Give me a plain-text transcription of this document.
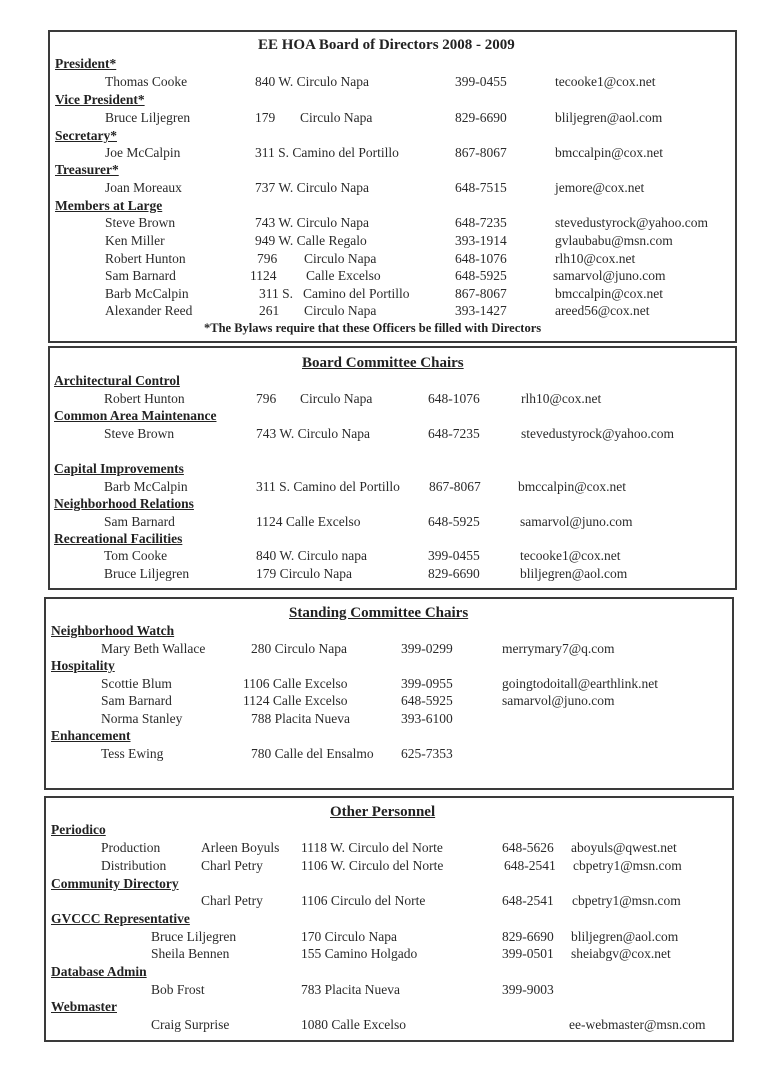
EE HOA Board of Directors 2008 - 2009
President*
Thomas Cooke	840 W. Circulo Napa	399-0455	tecooke1@cox.net
Vice President*
Bruce Liljegren	179 Circulo Napa	829-6690	bliljegren@aol.com
Secretary*
Joe McCalpin	311 S. Camino del Portillo	867-8067	bmccalpin@cox.net
Treasurer*
Joan Moreaux	737 W. Circulo Napa	648-7515	jemore@cox.net
Members at Large
Steve Brown	743 W. Circulo Napa	648-7235	stevedustyrock@yahoo.com
Ken Miller	949 W. Calle Regalo	393-1914	gvlaubabu@msn.com
Robert Hunton	796 Circulo Napa	648-1076	rlh10@cox.net
Sam Barnard	1124 Calle Excelso	648-5925	samarvol@juno.com
Barb McCalpin	311 S. Camino del Portillo	867-8067	bmccalpin@cox.net
Alexander Reed	261 Circulo Napa	393-1427	areed56@cox.net
*The Bylaws require that these Officers be filled with Directors
Board Committee Chairs
Architectural Control
Robert Hunton	796 Circulo Napa	648-1076	rlh10@cox.net
Common Area Maintenance
Steve Brown	743 W. Circulo Napa	648-7235	stevedustyrock@yahoo.com
Capital Improvements
Barb McCalpin	311 S. Camino del Portillo 867-8067	bmccalpin@cox.net
Neighborhood Relations
Sam Barnard	1124 Calle Excelso	648-5925	samarvol@juno.com
Recreational Facilities
Tom Cooke	840 W. Circulo napa	399-0455	tecooke1@cox.net
Bruce Liljegren	179 Circulo Napa	829-6690	bliljegren@aol.com
Standing Committee Chairs
Neighborhood Watch
Mary Beth Wallace	280 Circulo Napa	399-0299	merrymary7@q.com
Hospitality
Scottie Blum	1106 Calle Excelso	399-0955	goingtodoitall@earthlink.net
Sam Barnard	1124 Calle Excelso	648-5925	samarvol@juno.com
Norma Stanley	788 Placita Nueva	393-6100
Enhancement
Tess Ewing	780 Calle del Ensalmo 625-7353
Other Personnel
Periodico
Production	Arleen Boyuls 1118 W. Circulo del Norte	648-5626 aboyuls@qwest.net
Distribution	Charl Petry	1106 W. Circulo del Norte	648-2541 cbpetry1@msn.com
Community Directory
Charl Petry	1106 Circulo del Norte	648-2541 cbpetry1@msn.com
GVCCC Representative
Bruce Liljegren	170 Circulo Napa	829-6690 bliljegren@aol.com
Sheila Bennen	155 Camino Holgado	399-0501 sheiabgv@cox.net
Database Admin
Bob Frost	783 Placita Nueva	399-9003
Webmaster
Craig Surprise	1080 Calle Excelso	ee-webmaster@msn.com
